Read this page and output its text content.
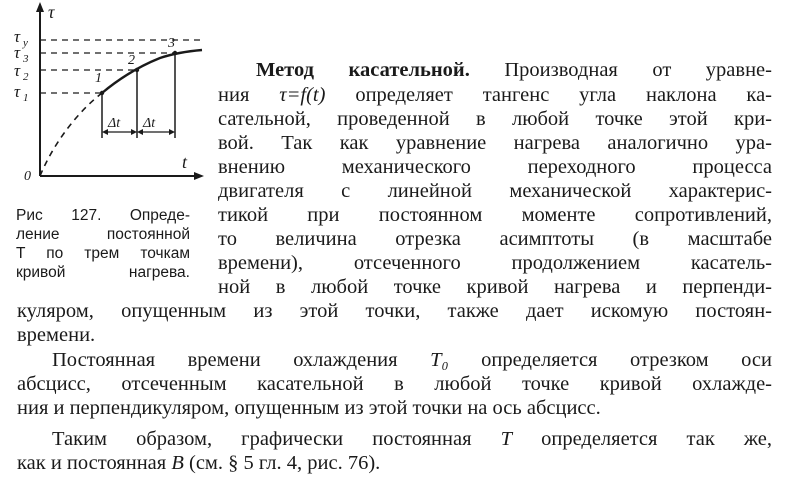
τ
t
0
τ y
τ 3
τ 2
τ 1
1
2
3
Δt Δt
Рис 127. Опреде-
ление постоянной
T по трем точкам
кривой нагрева.
Метод касательной. Производная от уравне-
ния τ=f(t) определяет тангенс угла наклона ка-
сательной, проведенной в любой точке этой кри-
вой. Так как уравнение нагрева аналогично ура-
внению механического переходного процесса
двигателя с линейной механической характерис-
тикой при постоянном моменте сопротивлений,
то величина отрезка асимптоты (в масштабе
времени), отсеченного продолжением касатель-
ной в любой точке кривой нагрева и перпенди-
куляром, опущенным из этой точки, также дает искомую постоян-
времени.
Постоянная времени охлаждения T₀ определяется отрезком оси
абсцисс, отсеченным касательной в любой точке кривой охлажде-
ния и перпендикуляром, опущенным из этой точки на ось абсцисс.
Таким образом, графически постоянная T определяется так же,
как и постоянная B (см. § 5 гл. 4, рис. 76).
